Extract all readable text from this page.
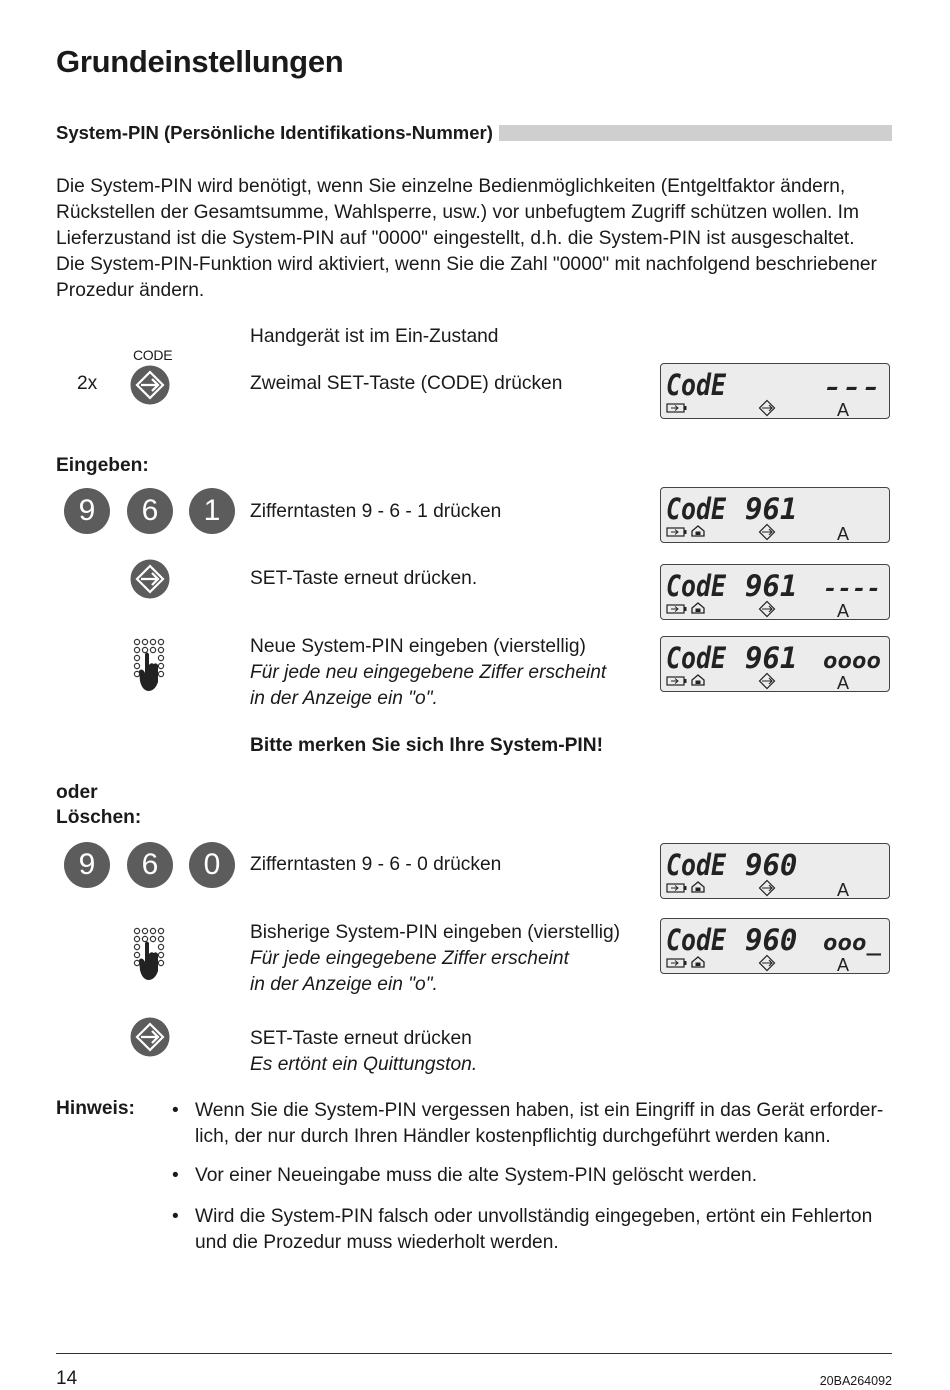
Grundeinstellungen
System-PIN (Persönliche Identifikations-Nummer)
Die System-PIN wird benötigt, wenn Sie einzelne Bedienmöglichkeiten (Entgeltfaktor ändern,
Rückstellen der Gesamtsumme, Wahlsperre, usw.) vor unbefugtem Zugriff schützen wollen. Im
Lieferzustand ist die System-PIN auf "0000" eingestellt, d.h. die System-PIN ist ausgeschaltet.
Die System-PIN-Funktion wird aktiviert, wenn Sie die Zahl "0000" mit nachfolgend beschriebener
Prozedur ändern.
Handgerät ist im Ein-Zustand
CODE
2x	Zweimal SET-Taste (CODE) drücken	CodE	---
A
Eingeben:
9	6	1	Zifferntasten 9 - 6 - 1 drücken	CodE 961
A
SET-Taste erneut drücken.	CodE 961 ----
A
Neue System-PIN eingeben (vierstellig)
Für jede neu eingegebene Ziffer erscheint
in der Anzeige ein "o".
CodE 961 oooo
A
Bitte merken Sie sich Ihre System-PIN!
oder
Löschen:
9	6	0	Zifferntasten 9 - 6 - 0 drücken	CodE 960
A
Bisherige System-PIN eingeben (vierstellig)
Für jede eingegebene Ziffer erscheint
in der Anzeige ein "o".
CodE 960 ooo_
A
SET-Taste erneut drücken
Es ertönt ein Quittungston.
Hinweis: • Wenn Sie die System-PIN vergessen haben, ist ein Eingriff in das Gerät erforder-
lich, der nur durch Ihren Händler kostenpflichtig durchgeführt werden kann.
• Vor einer Neueingabe muss die alte System-PIN gelöscht werden.
• Wird die System-PIN falsch oder unvollständig eingegeben, ertönt ein Fehlerton
und die Prozedur muss wiederholt werden.
14	20BA264092
